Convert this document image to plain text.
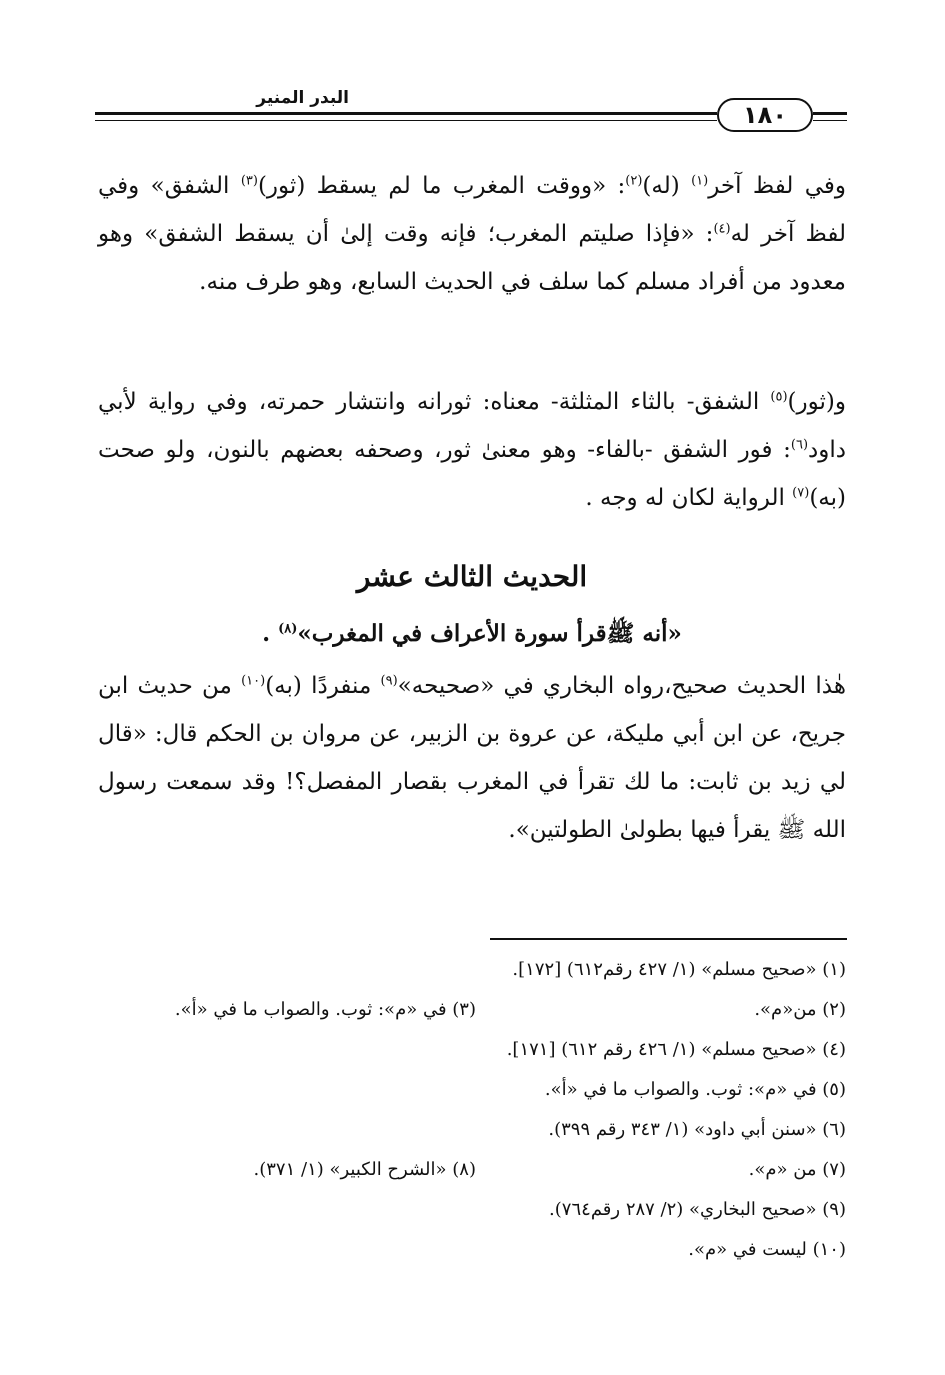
البدر المنير
١٨٠
وفي لفظ آخر$^{(١)}$ (له)$^{(٢)}$: «ووقت المغرب ما لم يسقط (ثور)$^{(٣)}$ الشفق» وفي لفظ آخر له$^{(٤)}$: «فإذا صليتم المغرب؛ فإنه وقت إلىٰ أن يسقط الشفق» وهو معدود من أفراد مسلم كما سلف في الحديث السابع، وهو طرف منه.
و(ثور)$^{(٥)}$ الشفق- بالثاء المثلثة- معناه: ثورانه وانتشار حمرته، وفي رواية لأبي داود$^{(٦)}$: فور الشفق -بالفاء- وهو معنىٰ ثور، وصحفه بعضهم بالنون، ولو صحت (به)$^{(٧)}$ الرواية لكان له وجه .
الحديث الثالث عشر
«أنه ﷺقرأ سورة الأعراف في المغرب»$^{(٨)}$ .
هٰذا الحديث صحيح،رواه البخاري في «صحيحه»$^{(٩)}$ منفردًا (به)$^{(١٠)}$ من حديث ابن جريح، عن ابن أبي مليكة، عن عروة بن الزبير، عن مروان بن الحكم قال: «قال لي زيد بن ثابت: ما لك تقرأ في المغرب بقصار المفصل؟! وقد سمعت رسول الله ﷺ يقرأ فيها بطولىٰ الطولتين».
(١) «صحيح مسلم» (١/ ٤٢٧ رقم٦١٢) [١٧٢].
(٢) من«م».
(٣) في «م»: ثوب. والصواب ما في «أ».
(٤) «صحيح مسلم» (١/ ٤٢٦ رقم ٦١٢) [١٧١].
(٥) في «م»: ثوب. والصواب ما في «أ».
(٦) «سنن أبي داود» (١/ ٣٤٣ رقم ٣٩٩).
(٧) من «م».
(٨) «الشرح الكبير» (١/ ٣٧١).
(٩) «صحيح البخاري» (٢/ ٢٨٧ رقم٧٦٤).
(١٠) ليست في «م».
